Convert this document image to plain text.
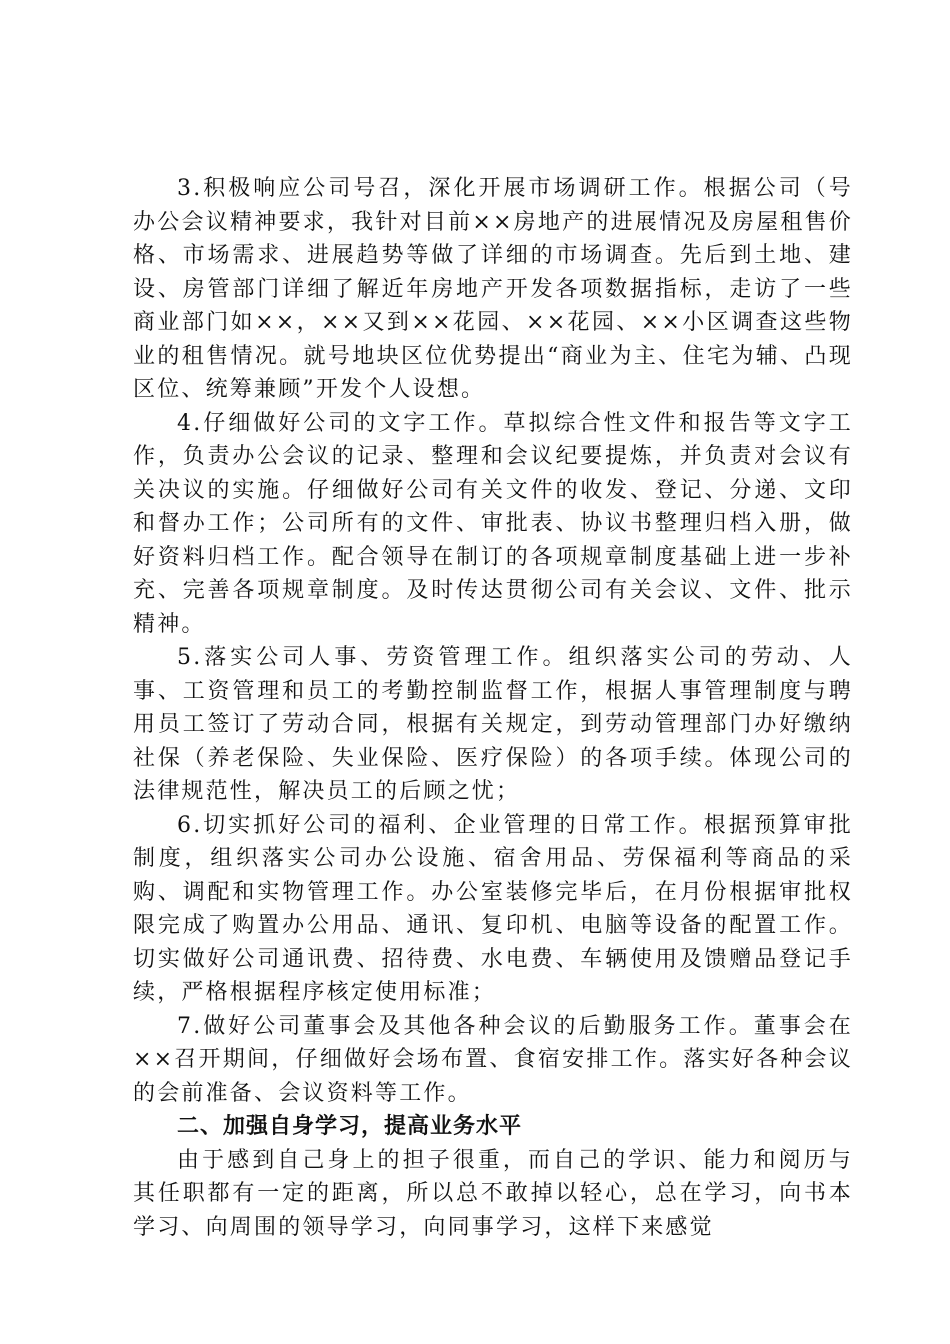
3.积极响应公司号召，深化开展市场调研工作。根据公司（号办公会议精神要求，我针对目前××房地产的进展情况及房屋租售价格、市场需求、进展趋势等做了详细的市场调查。先后到土地、建设、房管部门详细了解近年房地产开发各项数据指标，走访了一些商业部门如××，××又到××花园、××花园、××小区调查这些物业的租售情况。就号地块区位优势提出“商业为主、住宅为辅、凸现区位、统筹兼顾”开发个人设想。

4.仔细做好公司的文字工作。草拟综合性文件和报告等文字工作，负责办公会议的记录、整理和会议纪要提炼，并负责对会议有关决议的实施。仔细做好公司有关文件的收发、登记、分递、文印和督办工作；公司所有的文件、审批表、协议书整理归档入册，做好资料归档工作。配合领导在制订的各项规章制度基础上进一步补充、完善各项规章制度。及时传达贯彻公司有关会议、文件、批示精神。

5.落实公司人事、劳资管理工作。组织落实公司的劳动、人事、工资管理和员工的考勤控制监督工作，根据人事管理制度与聘用员工签订了劳动合同，根据有关规定，到劳动管理部门办好缴纳社保（养老保险、失业保险、医疗保险）的各项手续。体现公司的法律规范性，解决员工的后顾之忧；

6.切实抓好公司的福利、企业管理的日常工作。根据预算审批制度，组织落实公司办公设施、宿舍用品、劳保福利等商品的采购、调配和实物管理工作。办公室装修完毕后，在月份根据审批权限完成了购置办公用品、通讯、复印机、电脑等设备的配置工作。切实做好公司通讯费、招待费、水电费、车辆使用及馈赠品登记手续，严格根据程序核定使用标准；

7.做好公司董事会及其他各种会议的后勤服务工作。董事会在××召开期间，仔细做好会场布置、食宿安排工作。落实好各种会议的会前准备、会议资料等工作。

二、加强自身学习，提高业务水平

由于感到自己身上的担子很重，而自己的学识、能力和阅历与其任职都有一定的距离，所以总不敢掉以轻心，总在学习，向书本学习、向周围的领导学习，向同事学习，这样下来感觉
